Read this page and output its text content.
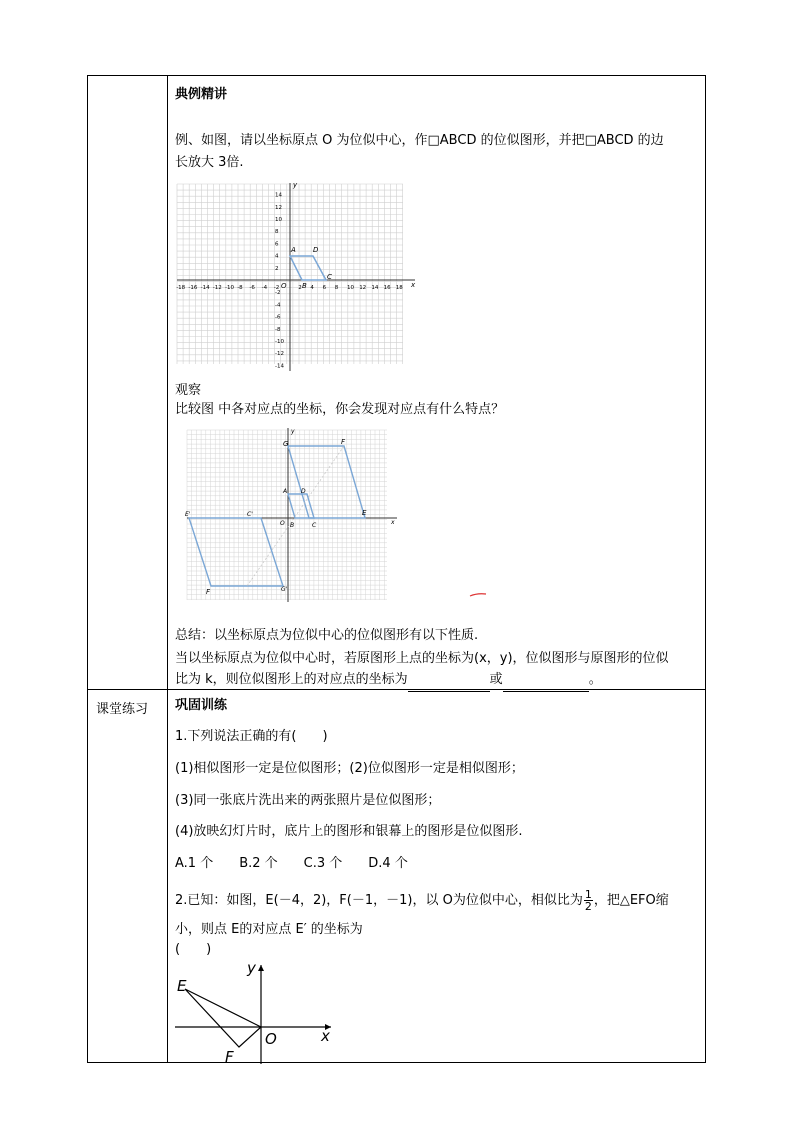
课堂练习
典例精讲
例、如图，请以坐标原点 O 为位似中心，作□ABCD 的位似图形，并把□ABCD 的边
长放大 3倍.
x
y
A D
B
C
O
-18 -16 -14 -12 -10 -8 -6 -4 -2	2 4 6 8 10 12 14 16 18
14
12
10
8
6
4
2
-2
-4
-6
-8
-10
-12
-14
观察
比较图 中各对应点的坐标，你会发现对应点有什么特点？
x
y
G	F
A D
B	C
E
O
E'	C'
F	G'
总结：以坐标原点为位似中心的位似图形有以下性质.
当以坐标原点为位似中心时，若原图形上点的坐标为(x，y)，位似图形与原图形的位似
比为 k，则位似图形上的对应点的坐标为	或	。
巩固训练
1.下列说法正确的有(　　)
(1)相似图形一定是位似图形；(2)位似图形一定是相似图形；
(3)同一张底片洗出来的两张照片是位似图形；
(4)放映幻灯片时，底片上的图形和银幕上的图形是位似图形.
A.1 个　　B.2 个　　C.3 个　　D.4 个
2.已知：如图，E(－4，2)，F(－1，－1)，以 O为位似中心，相似比为 $\frac{1}{2}$ ，把△EFO缩
小，则点 E的对应点 E′ 的坐标为
(　　)
E
F
O	x
y
